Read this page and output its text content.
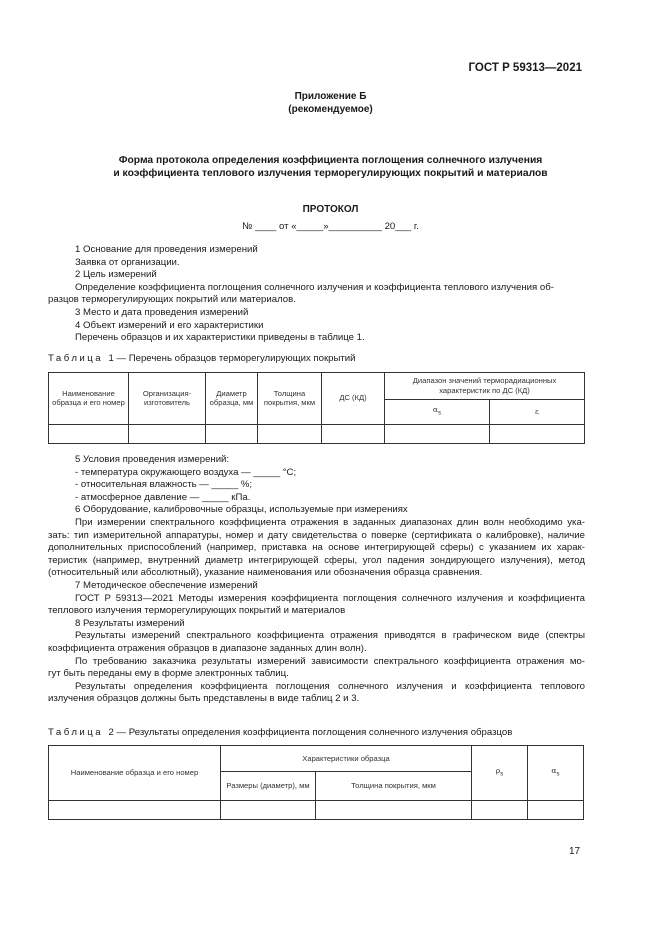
ГОСТ Р 59313—2021
Приложение Б
(рекомендуемое)
Форма протокола определения коэффициента поглощения солнечного излучения
и коэффициента теплового излучения терморегулирующих покрытий и материалов
ПРОТОКОЛ
№ ____ от «_____»__________ 20___ г.
1 Основание для проведения измерений
Заявка от организации.
2 Цель измерений
Определение коэффициента поглощения солнечного излучения и коэффициента теплового излучения об-
разцов терморегулирующих покрытий или материалов.
3 Место и дата проведения измерений
4 Объект измерений и его характеристики
Перечень образцов и их характеристики приведены в таблице 1.
Таблица 1 — Перечень образцов терморегулирующих покрытий
Наименование образца и его номер	Организация-изготовитель	Диаметр образца, мм	Толщина покрытия, мкм	ДС (КД)	Диапазон значений терморадиационных характеристик по ДС (КД)	
					$\alpha_s$	ε

5 Условия проведения измерений:
- температура окружающего воздуха — _____ °С;
- относительная влажность — _____ %;
- атмосферное давление — _____ кПа.
6 Оборудование, калибровочные образцы, используемые при измерениях
При измерении спектрального коэффициента отражения в заданных диапазонах длин волн необходимо ука-
зать: тип измерительной аппаратуры, номер и дату свидетельства о поверке (сертификата о калибровке), наличие
дополнительных приспособлений (например, приставка на основе интегрирующей сферы) с указанием их харак-
теристик (например, внутренний диаметр интегрирующей сферы, угол падения зондирующего излучения), метод
(относительный или абсолютный), указание наименования или обозначения образца сравнения.
7 Методическое обеспечение измерений
ГОСТ Р 59313—2021 Методы измерения коэффициента поглощения солнечного излучения и коэффициента
теплового излучения терморегулирующих покрытий и материалов
8 Результаты измерений
Результаты измерений спектрального коэффициента отражения приводятся в графическом виде (спектры
коэффициента отражения образцов в диапазоне заданных длин волн).
По требованию заказчика результаты измерений зависимости спектрального коэффициента отражения мо-
гут быть переданы ему в форме электронных таблиц.
Результаты определения коэффициента поглощения солнечного излучения и коэффициента теплового
излучения образцов должны быть представлены в виде таблиц 2 и 3.
Таблица 2 — Результаты определения коэффициента поглощения солнечного излучения образцов
Наименование образца и его номер	Характеристики образца		$\rho_s$	$\alpha_s$
	Размеры (диаметр), мм	Толщина покрытия, мкм		

17
